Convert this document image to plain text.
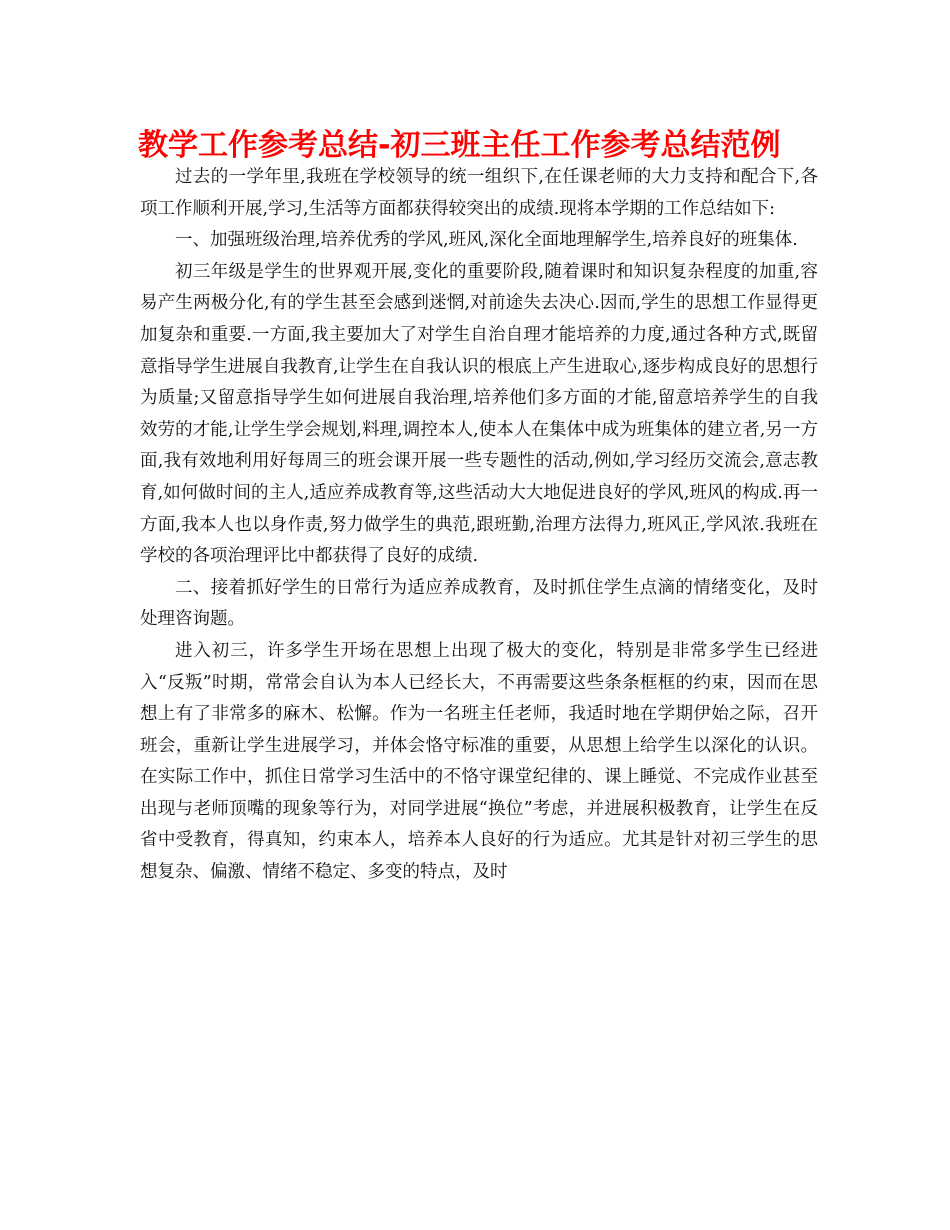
教学工作参考总结-初三班主任工作参考总结范例

过去的一学年里,我班在学校领导的统一组织下,在任课老师的大力支持和配合下,各项工作顺利开展,学习,生活等方面都获得较突出的成绩.现将本学期的工作总结如下:

一、加强班级治理,培养优秀的学风,班风,深化全面地理解学生,培养良好的班集体.

初三年级是学生的世界观开展,变化的重要阶段,随着课时和知识复杂程度的加重,容易产生两极分化,有的学生甚至会感到迷惘,对前途失去决心.因而,学生的思想工作显得更加复杂和重要.一方面,我主要加大了对学生自治自理才能培养的力度,通过各种方式,既留意指导学生进展自我教育,让学生在自我认识的根底上产生进取心,逐步构成良好的思想行为质量;又留意指导学生如何进展自我治理,培养他们多方面的才能,留意培养学生的自我效劳的才能,让学生学会规划,料理,调控本人,使本人在集体中成为班集体的建立者,另一方面,我有效地利用好每周三的班会课开展一些专题性的活动,例如,学习经历交流会,意志教育,如何做时间的主人,适应养成教育等,这些活动大大地促进良好的学风,班风的构成.再一方面,我本人也以身作责,努力做学生的典范,跟班勤,治理方法得力,班风正,学风浓.我班在学校的各项治理评比中都获得了良好的成绩.

二、接着抓好学生的日常行为适应养成教育，及时抓住学生点滴的情绪变化，及时处理咨询题。

进入初三，许多学生开场在思想上出现了极大的变化，特别是非常多学生已经进入“反叛”时期，常常会自认为本人已经长大，不再需要这些条条框框的约束，因而在思想上有了非常多的麻木、松懈。作为一名班主任老师，我适时地在学期伊始之际，召开班会，重新让学生进展学习，并体会恪守标准的重要，从思想上给学生以深化的认识。在实际工作中，抓住日常学习生活中的不恪守课堂纪律的、课上睡觉、不完成作业甚至出现与老师顶嘴的现象等行为，对同学进展“换位”考虑，并进展积极教育，让学生在反省中受教育，得真知，约束本人，培养本人良好的行为适应。尤其是针对初三学生的思想复杂、偏激、情绪不稳定、多变的特点，及时
